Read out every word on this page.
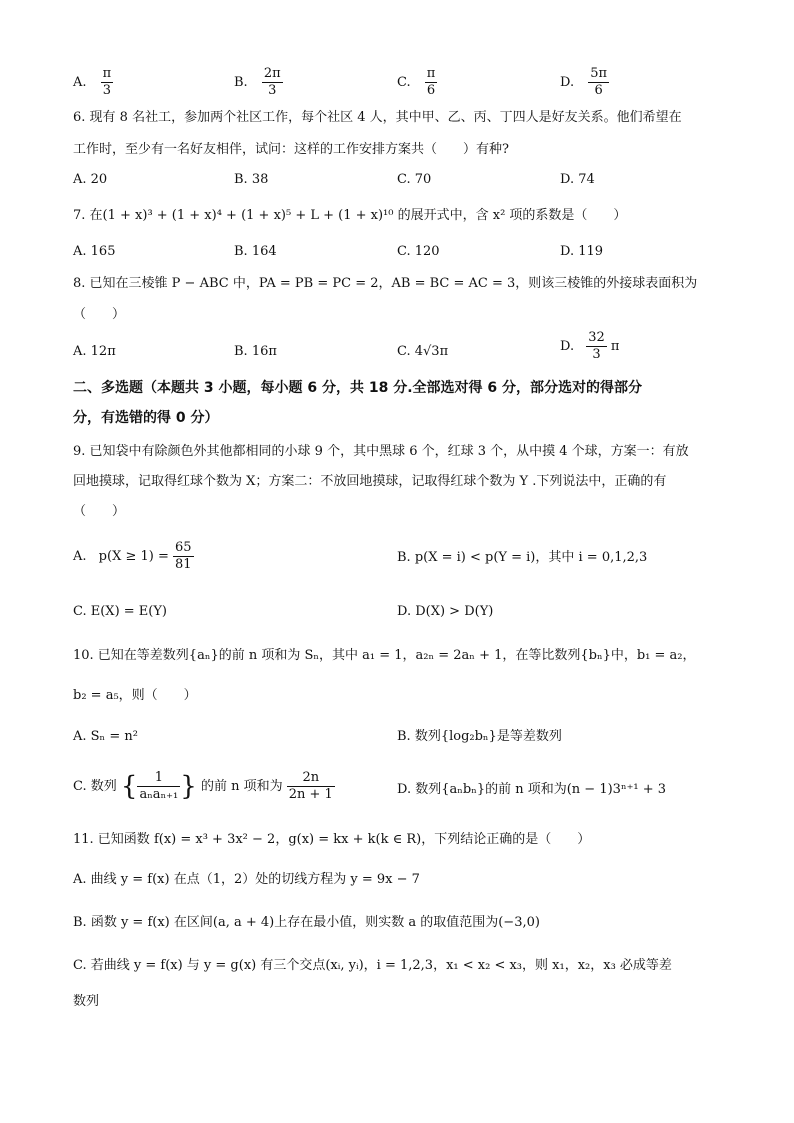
A. $\frac{\pi}{3}$	B. $\frac{2\pi}{3}$	C. $\frac{\pi}{6}$	D. $\frac{5\pi}{6}$
6. 现有 8 名社工，参加两个社区工作，每个社区 4 人，其中甲、乙、丙、丁四人是好友关系。他们希望在
工作时，至少有一名好友相伴，试问：这样的工作安排方案共（　　）有种?
A. 20	B. 38	C. 70	D. 74
7. 在(1 + x)³ + (1 + x)⁴ + (1 + x)⁵ + L + (1 + x)¹⁰ 的展开式中，含 x² 项的系数是（　　）
A. 165	B. 164	C. 120	D. 119
8. 已知在三棱锥 P − ABC 中，PA = PB = PC = 2，AB = BC = AC = 3，则该三棱锥的外接球表面积为
（　　）
A. 12π	B. 16π	C. 4√3π	D. $\frac{32}{3}$ π
二、多选题（本题共 3 小题，每小题 6 分，共 18 分.全部选对得 6 分，部分选对的得部分
分，有选错的得 0 分）
9. 已知袋中有除颜色外其他都相同的小球 9 个，其中黑球 6 个，红球 3 个，从中摸 4 个球，方案一：有放
回地摸球，记取得红球个数为 X；方案二：不放回地摸球，记取得红球个数为 Y .下列说法中，正确的有
（　　）
A. $p(X \ge 1) = \frac{65}{81}$	B. p(X = i) < p(Y = i)，其中 i = 0,1,2,3
C. E(X) = E(Y)	D. D(X) > D(Y)
10. 已知在等差数列{aₙ}的前 n 项和为 Sₙ，其中 a₁ = 1，a₂ₙ = 2aₙ + 1，在等比数列{bₙ}中，b₁ = a₂，
b₂ = a₅，则（　　）
A. Sₙ = n²	B. 数列{log₂bₙ}是等差数列
C. 数列 {	1
aₙaₙ₊₁ } 的前 n 项和为 $\frac{2n}{2n + 1}$	D. 数列{aₙbₙ}的前 n 项和为(n − 1)3ⁿ⁺¹ + 3
11. 已知函数 f(x) = x³ + 3x² − 2，g(x) = kx + k(k ∈ R)，下列结论正确的是（　　）
A. 曲线 y = f(x) 在点（1，2）处的切线方程为 y = 9x − 7
B. 函数 y = f(x) 在区间(a, a + 4)上存在最小值，则实数 a 的取值范围为(−3,0)
C. 若曲线 y = f(x) 与 y = g(x) 有三个交点(xᵢ, yᵢ)，i = 1,2,3，x₁ < x₂ < x₃，则 x₁，x₂，x₃ 必成等差
数列
